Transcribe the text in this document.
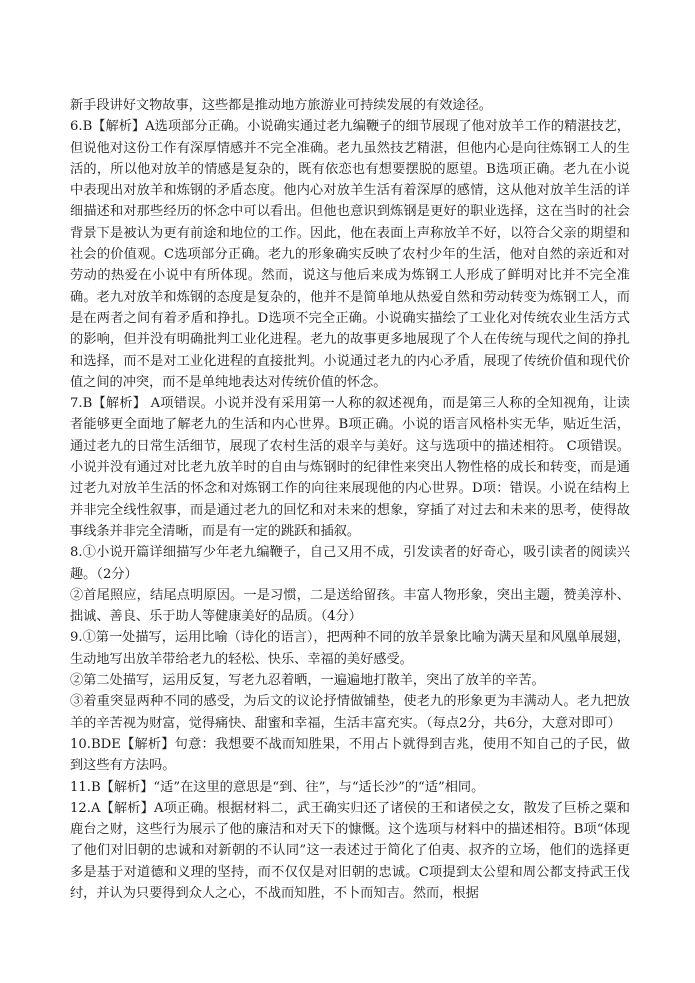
新手段讲好文物故事，这些都是推动地方旅游业可持续发展的有效途径。

6.B【解析】A选项部分正确。小说确实通过老九编鞭子的细节展现了他对放羊工作的精湛技艺，但说他对这份工作有深厚情感并不完全准确。老九虽然技艺精湛，但他内心是向往炼钢工人的生活的，所以他对放羊的情感是复杂的，既有依恋也有想要摆脱的愿望。B选项正确。老九在小说中表现出对放羊和炼钢的矛盾态度。他内心对放羊生活有着深厚的感情，这从他对放羊生活的详细描述和对那些经历的怀念中可以看出。但他也意识到炼钢是更好的职业选择，这在当时的社会背景下是被认为更有前途和地位的工作。因此，他在表面上声称放羊不好，以符合父亲的期望和社会的价值观。C选项部分正确。老九的形象确实反映了农村少年的生活，他对自然的亲近和对劳动的热爱在小说中有所体现。然而，说这与他后来成为炼钢工人形成了鲜明对比并不完全准确。老九对放羊和炼钢的态度是复杂的，他并不是简单地从热爱自然和劳动转变为炼钢工人，而是在两者之间有着矛盾和挣扎。D选项不完全正确。小说确实描绘了工业化对传统农业生活方式的影响，但并没有明确批判工业化进程。老九的故事更多地展现了个人在传统与现代之间的挣扎和选择，而不是对工业化进程的直接批判。小说通过老九的内心矛盾，展现了传统价值和现代价值之间的冲突，而不是单纯地表达对传统价值的怀念。

7.B【解析】 A项错误。小说并没有采用第一人称的叙述视角，而是第三人称的全知视角，让读者能够更全面地了解老九的生活和内心世界。B项正确。小说的语言风格朴实无华，贴近生活，通过老九的日常生活细节，展现了农村生活的艰辛与美好。这与选项中的描述相符。 C项错误。小说并没有通过对比老九放羊时的自由与炼钢时的纪律性来突出人物性格的成长和转变，而是通过老九对放羊生活的怀念和对炼钢工作的向往来展现他的内心世界。D项：错误。小说在结构上并非完全线性叙事，而是通过老九的回忆和对未来的想象，穿插了对过去和未来的思考，使得故事线条并非完全清晰，而是有一定的跳跃和插叙。

8.①小说开篇详细描写少年老九编鞭子，自己又用不成，引发读者的好奇心，吸引读者的阅读兴趣。（2分）

②首尾照应，结尾点明原因。一是习惯，二是送给留孩。丰富人物形象，突出主题，赞美淳朴、拙诚、善良、乐于助人等健康美好的品质。（4分）

9.①第一处描写，运用比喻（诗化的语言），把两种不同的放羊景象比喻为满天星和风凰单展翅，生动地写出放羊带给老九的轻松、快乐、幸福的美好感受。

②第二处描写，运用反复，写老九忍着晒，一遍遍地打散羊，突出了放羊的辛苦。

③着重突显两种不同的感受，为后文的议论抒情做铺垫，使老九的形象更为丰满动人。老九把放羊的辛苦视为财富，觉得痛快、甜蜜和幸福，生活丰富充实。（每点2分，共6分，大意对即可）

10.BDE【解析】句意：我想要不战而知胜果，不用占卜就得到吉兆，使用不知自己的子民，做到这些有方法吗。

11.B【解析】“适”在这里的意思是“到、往”，与“适长沙”的“适”相同。

12.A【解析】A项正确。根据材料二，武王确实归还了诸侯的王和诸侯之女，散发了巨桥之粟和鹿台之财，这些行为展示了他的廉洁和对天下的慷慨。这个选项与材料中的描述相符。B项“体现了他们对旧朝的忠诚和对新朝的不认同”这一表述过于简化了伯夷、叔齐的立场，他们的选择更多是基于对道德和义理的坚持，而不仅仅是对旧朝的忠诚。C项提到太公望和周公都支持武王伐纣，并认为只要得到众人之心，不战而知胜，不卜而知吉。然而，根据
